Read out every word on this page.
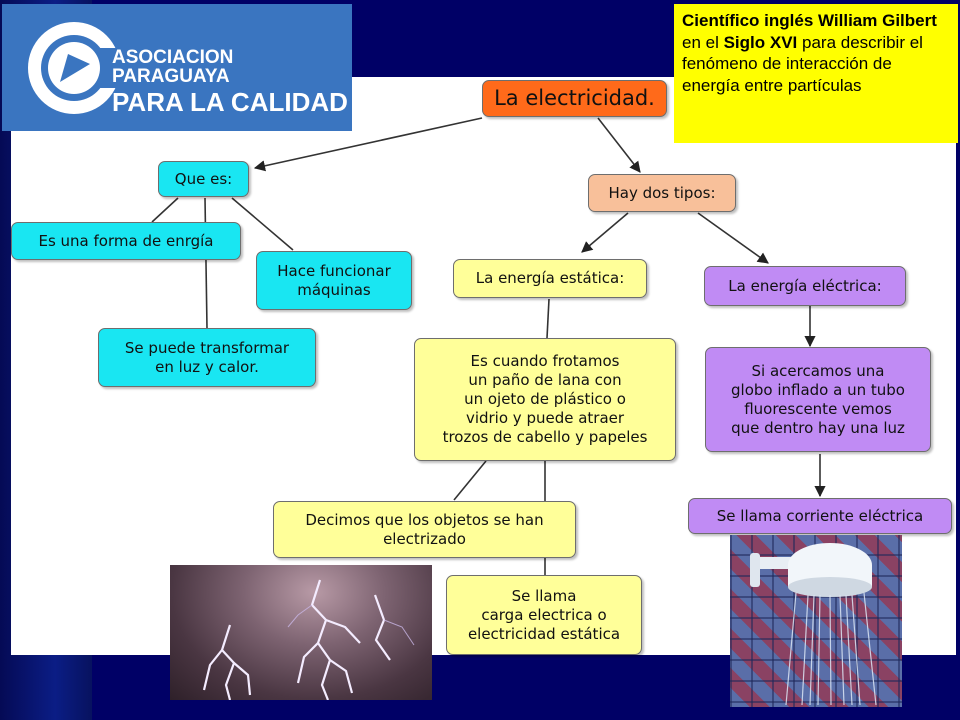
La electricidad.
Que es:
Es una forma de enrgía
Hace funcionar
máquinas
Se puede transformar
en luz y calor.
Hay dos tipos:
La energía estática:
Es cuando frotamos
un paño de lana con
un ojeto de plástico o
vidrio y puede atraer
trozos de cabello y papeles
Decimos que los objetos se han
electrizado
Se llama
carga electrica o
electricidad estática
La energía eléctrica:
Si acercamos una
globo inflado a un tubo
fluorescente vemos
que dentro hay una luz
Se llama corriente eléctrica
ASOCIACION PARAGUAYA
PARA LA CALIDAD
Científico inglés William Gilbert en el Siglo XVI para describir el fenómeno de interacción de energía entre partículas
